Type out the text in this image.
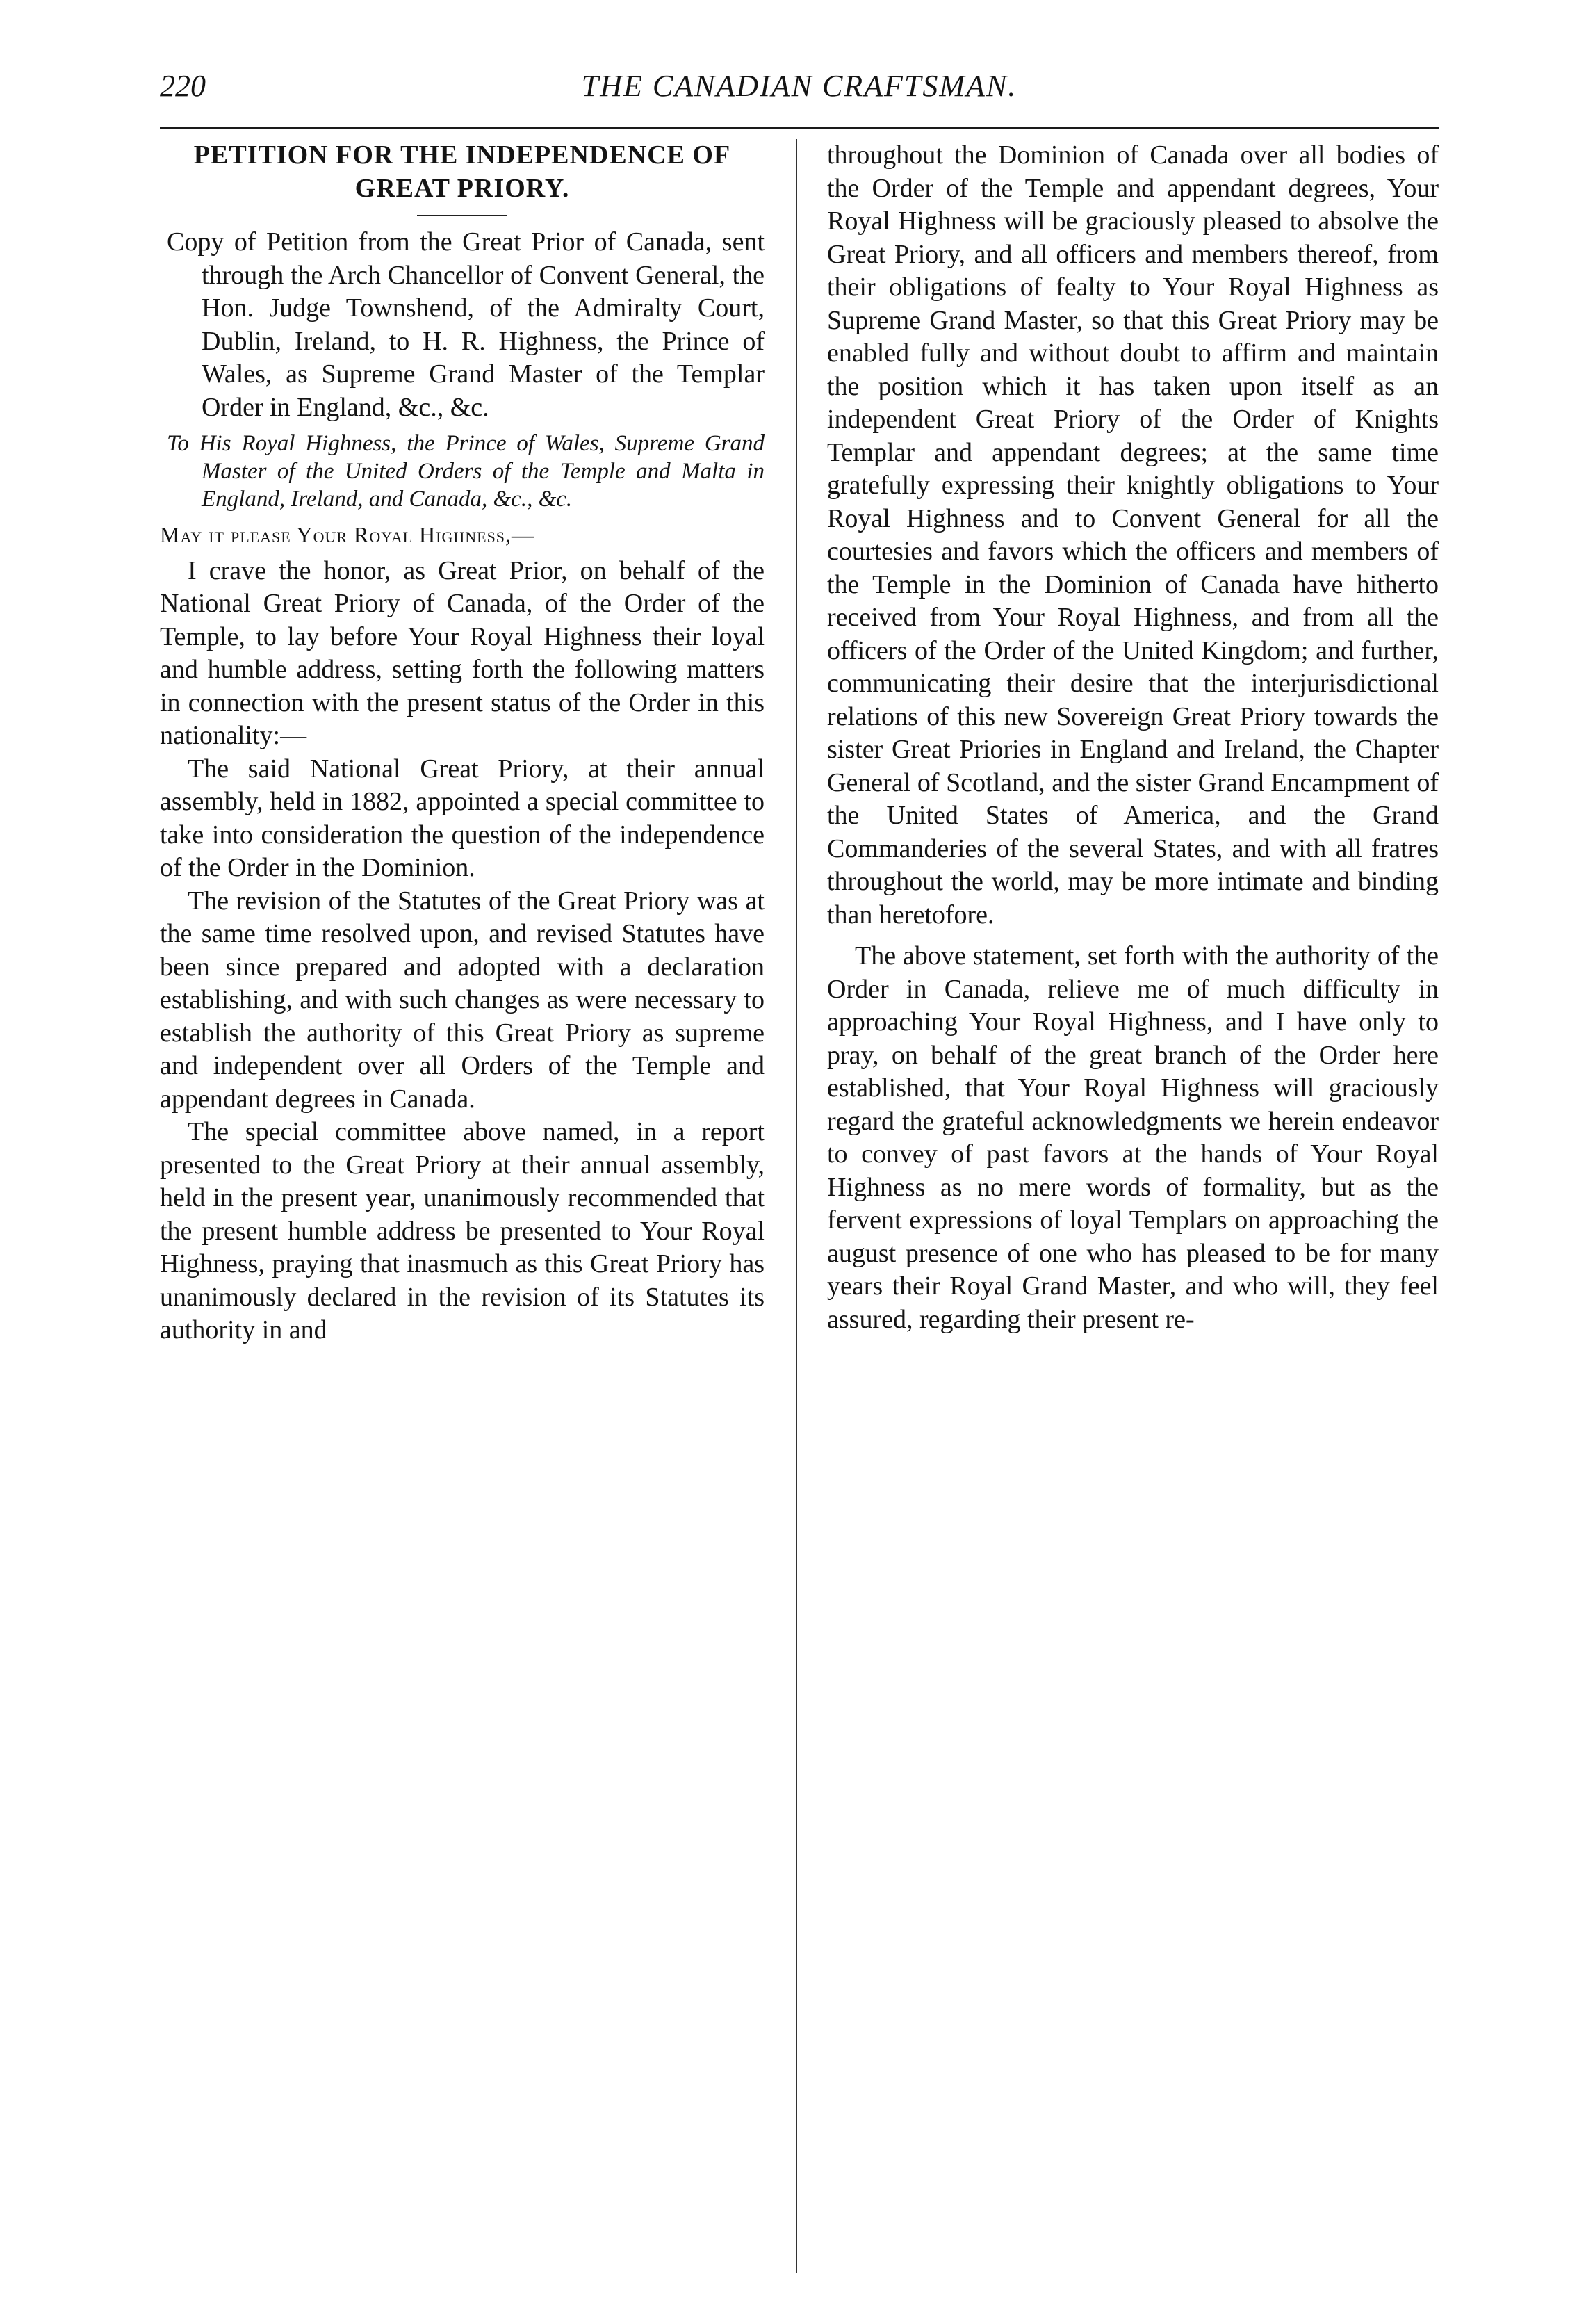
220	THE CANADIAN CRAFTSMAN.
PETITION FOR THE INDEPENDENCE OF GREAT PRIORY.

Copy of Petition from the Great Prior of Canada, sent through the Arch Chancellor of Convent General, the Hon. Judge Townshend, of the Admiralty Court, Dublin, Ireland, to H. R. Highness, the Prince of Wales, as Supreme Grand Master of the Templar Order in England, &c., &c.

To His Royal Highness, the Prince of Wales, Supreme Grand Master of the United Orders of the Temple and Malta in England, Ireland, and Canada, &c., &c.

May it please Your Royal Highness,—

I crave the honor, as Great Prior, on behalf of the National Great Priory of Canada, of the Order of the Temple, to lay before Your Royal Highness their loyal and humble address, setting forth the following matters in connection with the present status of the Order in this nationality:—

The said National Great Priory, at their annual assembly, held in 1882, appointed a special committee to take into consideration the question of the independence of the Order in the Dominion.

The revision of the Statutes of the Great Priory was at the same time resolved upon, and revised Statutes have been since prepared and adopted with a declaration establishing, and with such changes as were necessary to establish the authority of this Great Priory as supreme and independent over all Orders of the Temple and appendant degrees in Canada.

The special committee above named, in a report presented to the Great Priory at their annual assembly, held in the present year, unanimously recommended that the present humble address be presented to Your Royal Highness, praying that inasmuch as this Great Priory has unanimously declared in the revision of its Statutes its authority in and

throughout the Dominion of Canada over all bodies of the Order of the Temple and appendant degrees, Your Royal Highness will be graciously pleased to absolve the Great Priory, and all officers and members thereof, from their obligations of fealty to Your Royal Highness as Supreme Grand Master, so that this Great Priory may be enabled fully and without doubt to affirm and maintain the position which it has taken upon itself as an independent Great Priory of the Order of Knights Templar and appendant degrees; at the same time gratefully expressing their knightly obligations to Your Royal Highness and to Convent General for all the courtesies and favors which the officers and members of the Temple in the Dominion of Canada have hitherto received from Your Royal Highness, and from all the officers of the Order of the United Kingdom; and further, communicating their desire that the interjurisdictional relations of this new Sovereign Great Priory towards the sister Great Priories in England and Ireland, the Chapter General of Scotland, and the sister Grand Encampment of the United States of America, and the Grand Commanderies of the several States, and with all fratres throughout the world, may be more intimate and binding than heretofore.

The above statement, set forth with the authority of the Order in Canada, relieve me of much difficulty in approaching Your Royal Highness, and I have only to pray, on behalf of the great branch of the Order here established, that Your Royal Highness will graciously regard the grateful acknowledgments we herein endeavor to convey of past favors at the hands of Your Royal Highness as no mere words of formality, but as the fervent expressions of loyal Templars on approaching the august presence of one who has pleased to be for many years their Royal Grand Master, and who will, they feel assured, regarding their present re-
